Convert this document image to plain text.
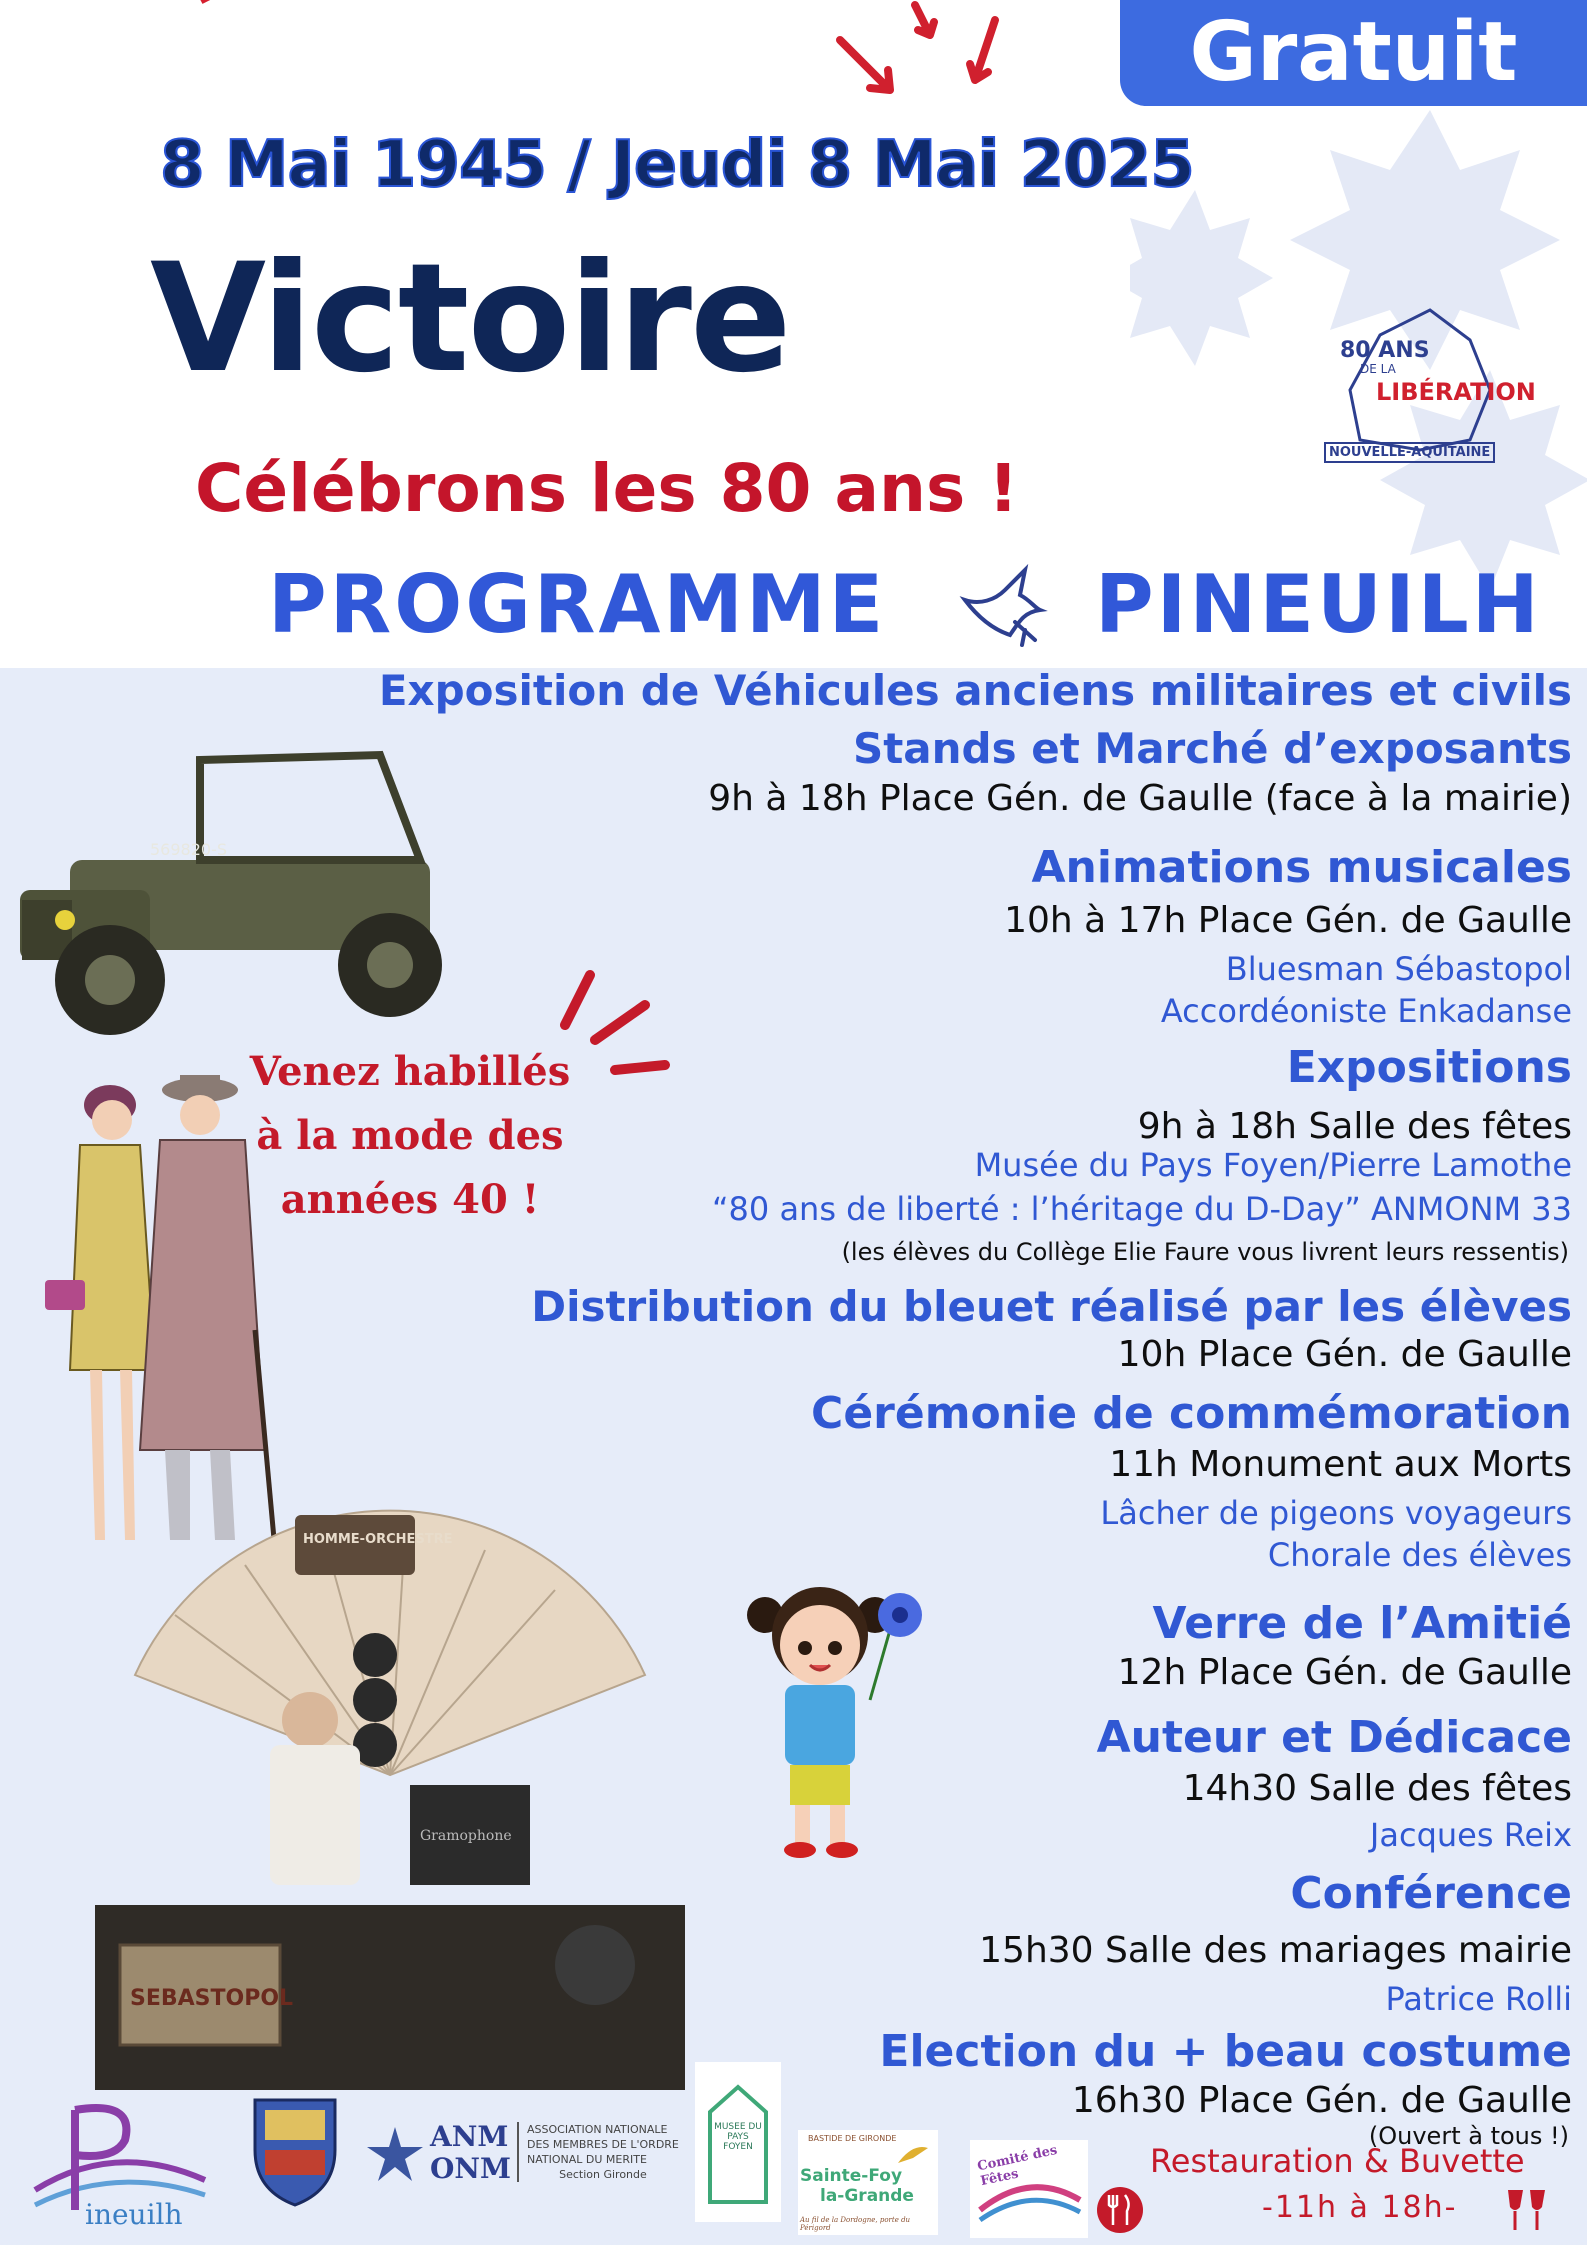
Gratuit
8 Mai 1945 / Jeudi 8 Mai 2025
Victoire
Célébrons les 80 ans !
80 ANS
DE LA
LIBÉRATION
NOUVELLE-AQUITAINE
PROGRAMME	PINEUILH
Exposition de Véhicules anciens militaires et civils
Stands et Marché d’exposants
9h à 18h Place Gén. de Gaulle (face à la mairie)
Animations musicales
10h à 17h Place Gén. de Gaulle
Bluesman Sébastopol
Accordéoniste Enkadanse
Expositions
9h à 18h Salle des fêtes
Musée du Pays Foyen/Pierre Lamothe
“80 ans de liberté : l’héritage du D-Day” ANMONM 33
(les élèves du Collège Elie Faure vous livrent leurs ressentis)
Distribution du bleuet réalisé par les élèves
10h Place Gén. de Gaulle
Cérémonie de commémoration
11h Monument aux Morts
Lâcher de pigeons voyageurs
Chorale des élèves
Verre de l’Amitié
12h Place Gén. de Gaulle
Auteur et Dédicace
14h30 Salle des fêtes
Jacques Reix
Conférence
15h30 Salle des mariages mairie
Patrice Rolli
Election du + beau costume
16h30 Place Gén. de Gaulle
(Ouvert à tous !)
569820-S
Venez habillés
à la mode des
années 40 !
HOMME-ORCHESTRE
Gramophone
SEBASTOPOL
ineuilh
ANM
ONM
ASSOCIATION NATIONALE
DES MEMBRES DE L'ORDRE
NATIONAL DU MERITE
Section Gironde
MUSEE DU PAYS FOYEN
BASTIDE DE GIRONDE
Sainte-Foy
la-Grande
Au fil de la Dordogne, porte du Périgord
Comité des Fêtes	Restauration & Buvette
-11h à 18h-
